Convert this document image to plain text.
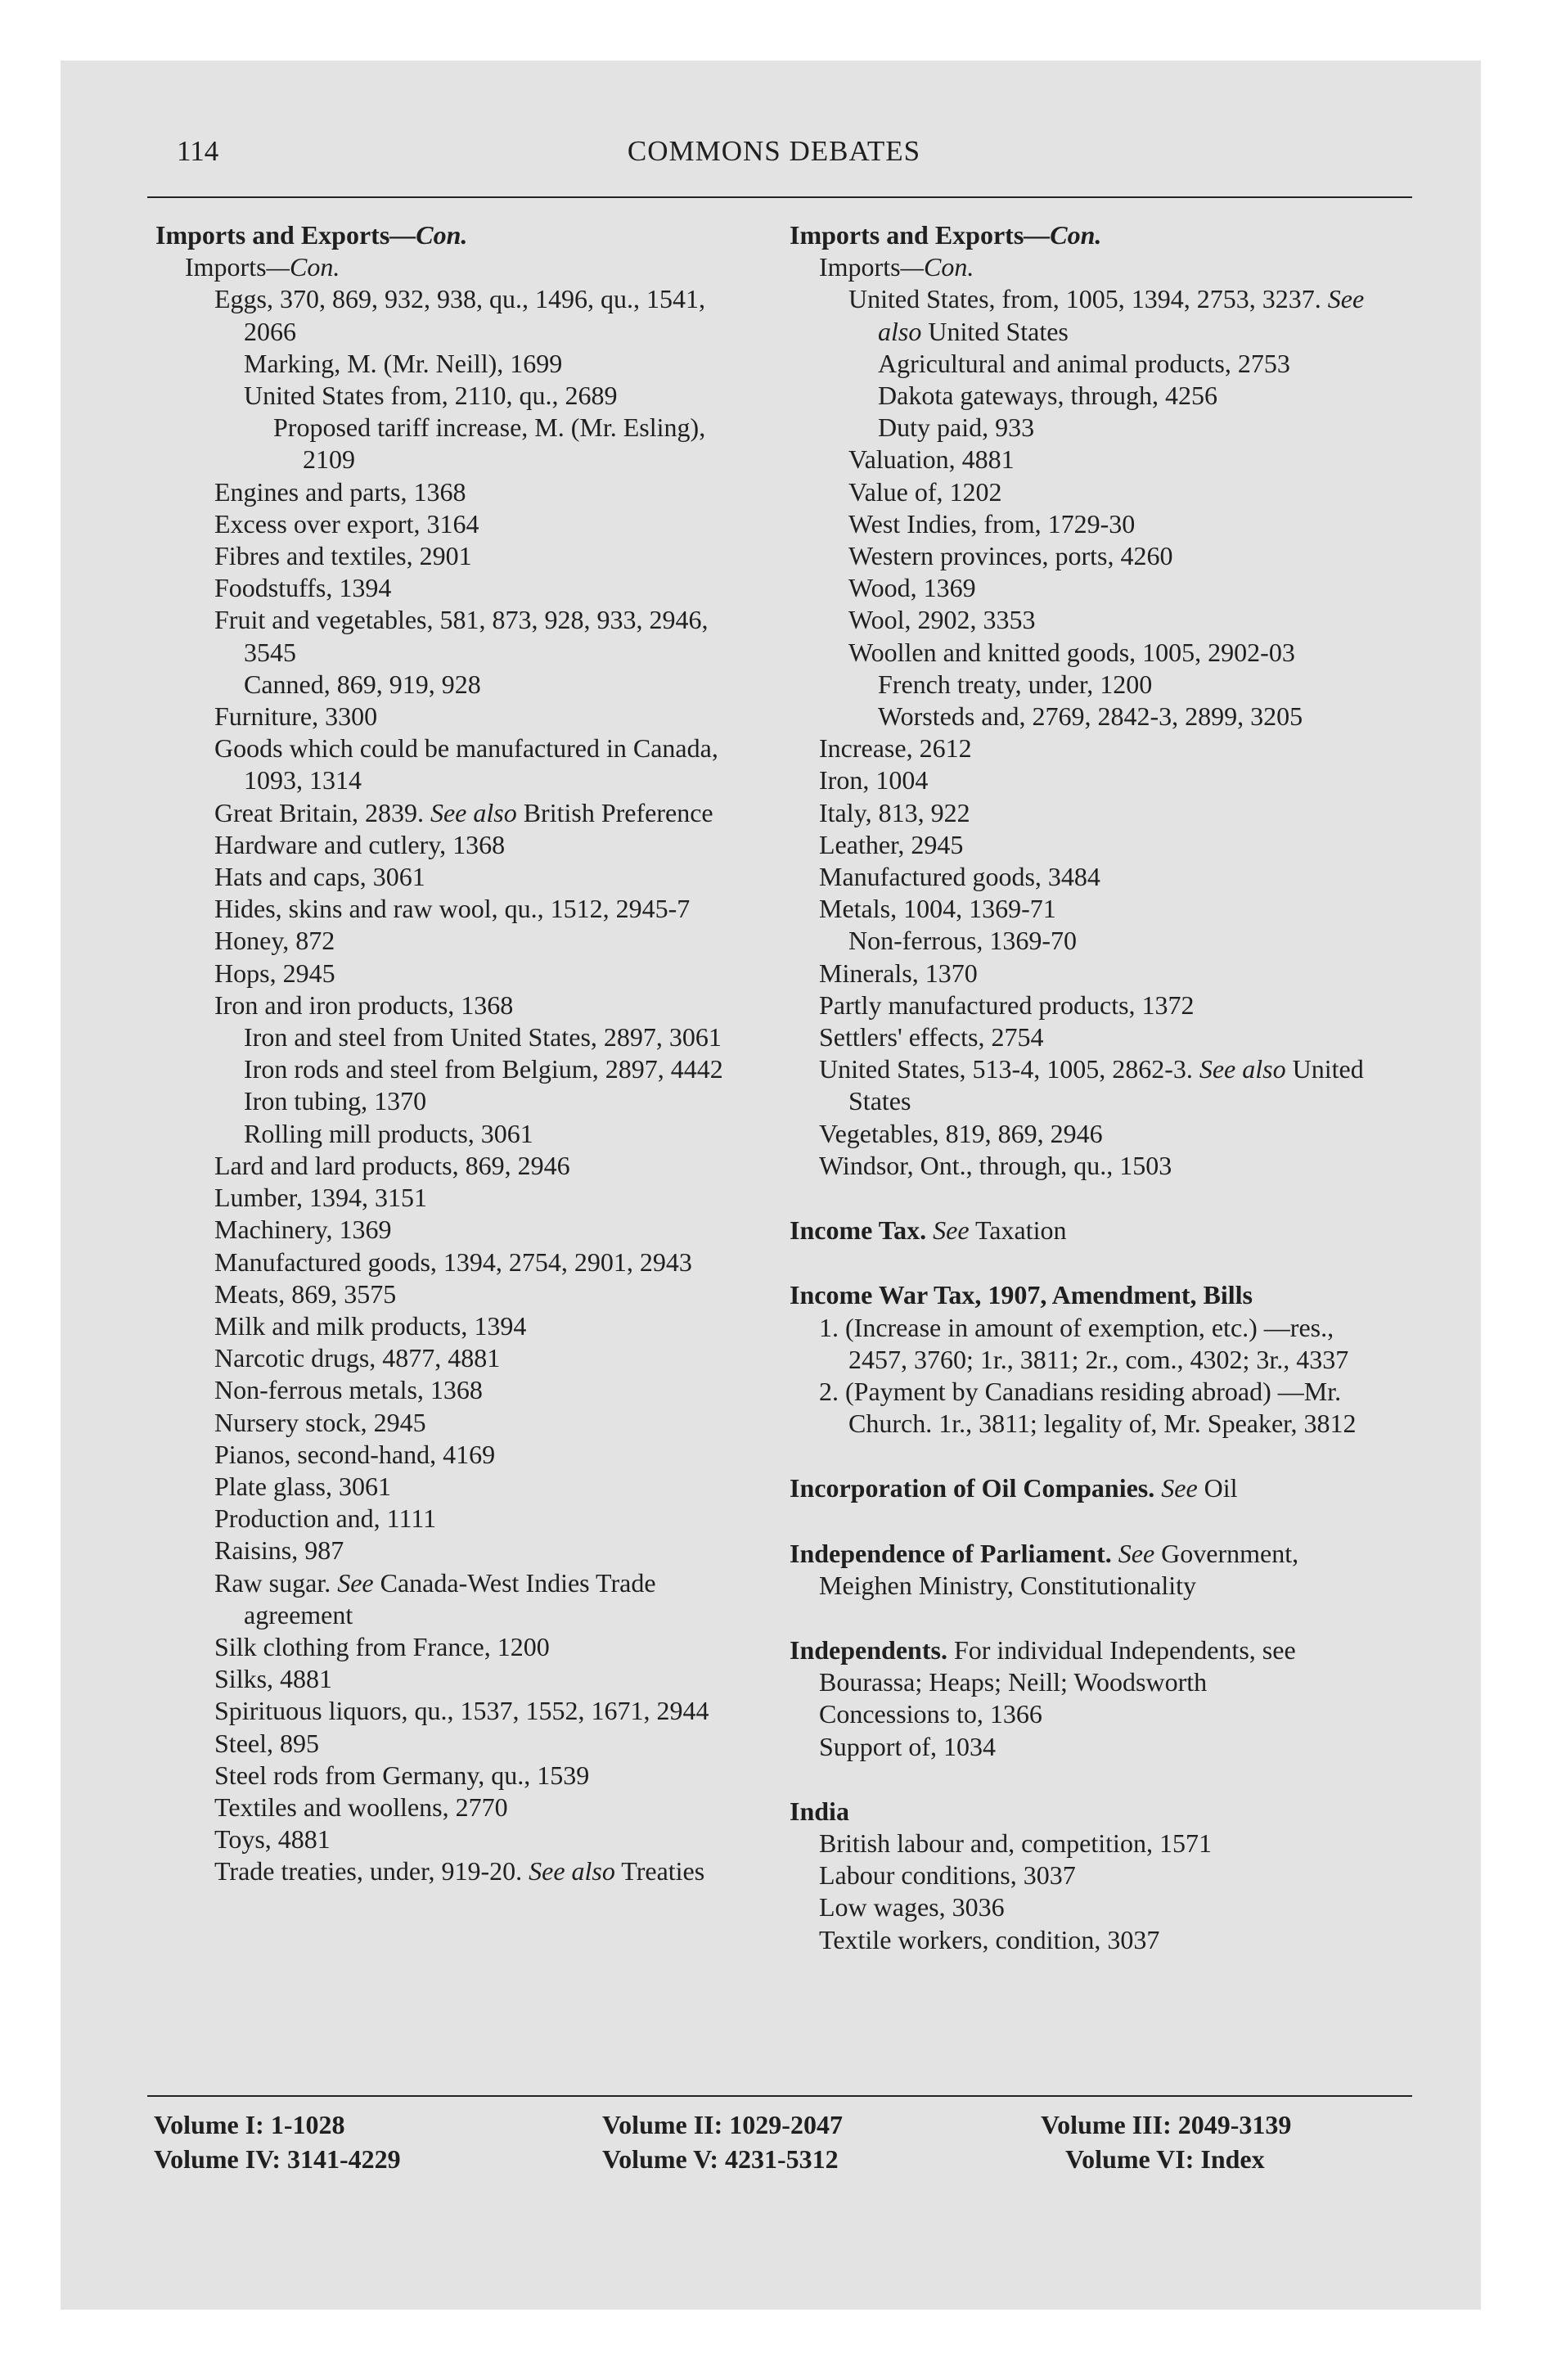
114	COMMONS DEBATES

Imports and Exports—Con.

Imports—Con.

Eggs, 370, 869, 932, 938, qu., 1496, qu., 1541, 2066

Marking, M. (Mr. Neill), 1699

United States from, 2110, qu., 2689

Proposed tariff increase, M. (Mr. Esling), 2109

Engines and parts, 1368

Excess over export, 3164

Fibres and textiles, 2901

Foodstuffs, 1394

Fruit and vegetables, 581, 873, 928, 933, 2946, 3545

Canned, 869, 919, 928

Furniture, 3300

Goods which could be manufactured in Canada, 1093, 1314

Great Britain, 2839. See also British Preference

Hardware and cutlery, 1368

Hats and caps, 3061

Hides, skins and raw wool, qu., 1512, 2945-7

Honey, 872

Hops, 2945

Iron and iron products, 1368

Iron and steel from United States, 2897, 3061

Iron rods and steel from Belgium, 2897, 4442

Iron tubing, 1370

Rolling mill products, 3061

Lard and lard products, 869, 2946

Lumber, 1394, 3151

Machinery, 1369

Manufactured goods, 1394, 2754, 2901, 2943

Meats, 869, 3575

Milk and milk products, 1394

Narcotic drugs, 4877, 4881

Non-ferrous metals, 1368

Nursery stock, 2945

Pianos, second-hand, 4169

Plate glass, 3061

Production and, 1111

Raisins, 987

Raw sugar. See Canada-West Indies Trade agreement

Silk clothing from France, 1200

Silks, 4881

Spirituous liquors, qu., 1537, 1552, 1671, 2944

Steel, 895

Steel rods from Germany, qu., 1539

Textiles and woollens, 2770

Toys, 4881

Trade treaties, under, 919-20. See also Treaties

Imports and Exports—Con.

Imports—Con.

United States, from, 1005, 1394, 2753, 3237. See also United States

Agricultural and animal products, 2753

Dakota gateways, through, 4256

Duty paid, 933

Valuation, 4881

Value of, 1202

West Indies, from, 1729-30

Western provinces, ports, 4260

Wood, 1369

Wool, 2902, 3353

Woollen and knitted goods, 1005, 2902-03

French treaty, under, 1200

Worsteds and, 2769, 2842-3, 2899, 3205

Increase, 2612

Iron, 1004

Italy, 813, 922

Leather, 2945

Manufactured goods, 3484

Metals, 1004, 1369-71

Non-ferrous, 1369-70

Minerals, 1370

Partly manufactured products, 1372

Settlers' effects, 2754

United States, 513-4, 1005, 2862-3. See also United States

Vegetables, 819, 869, 2946

Windsor, Ont., through, qu., 1503

Income Tax. See Taxation

Income War Tax, 1907, Amendment, Bills

1. (Increase in amount of exemption, etc.) —res., 2457, 3760; 1r., 3811; 2r., com., 4302; 3r., 4337

2. (Payment by Canadians residing abroad) —Mr. Church. 1r., 3811; legality of, Mr. Speaker, 3812

Incorporation of Oil Companies. See Oil

Independence of Parliament. See Government, Meighen Ministry, Constitutionality

Independents. For individual Independents, see Bourassa; Heaps; Neill; Woodsworth

Concessions to, 1366

Support of, 1034

India

British labour and, competition, 1571

Labour conditions, 3037

Low wages, 3036

Textile workers, condition, 3037

Volume I: 1-1028	Volume II: 1029-2047	Volume III: 2049-3139
Volume IV: 3141-4229	Volume V: 4231-5312	Volume VI: Index
